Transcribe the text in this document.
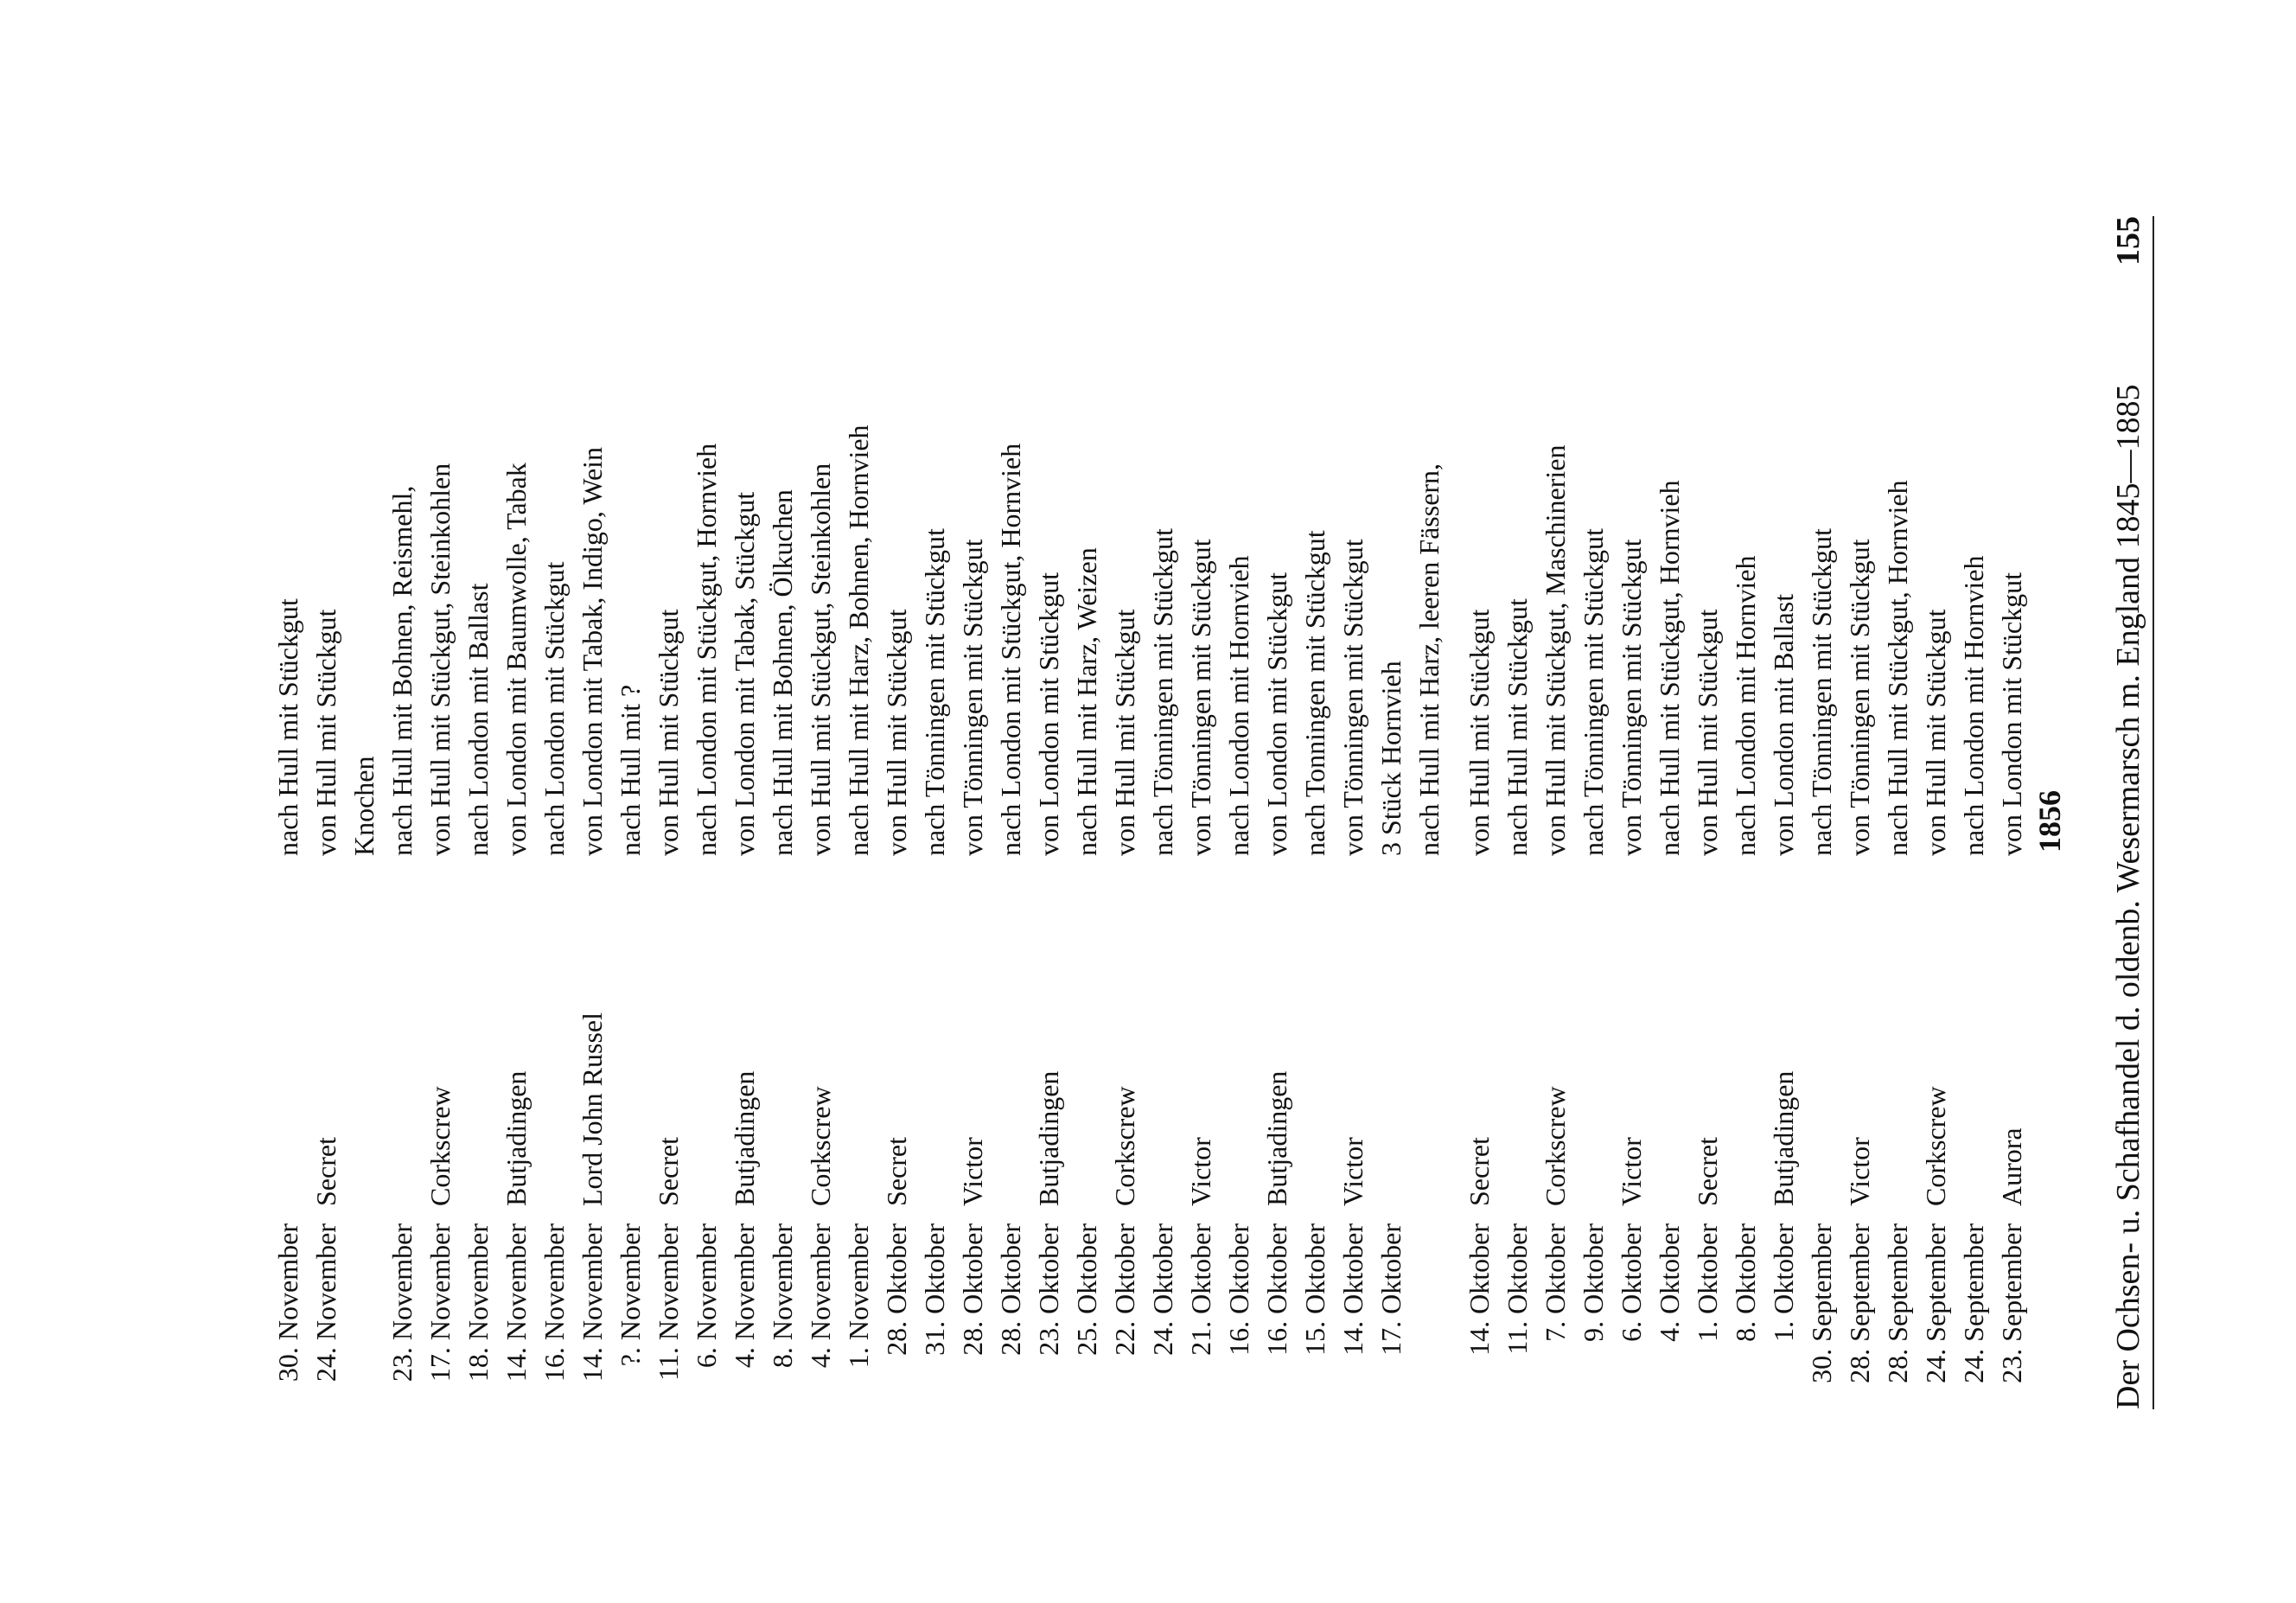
Der Ochsen- u. Schafhandel d. oldenb. Wesermarsch m. England 1845—1885
155
1856
23. September
Aurora
von London mit Stückgut
24. September
nach London mit Hornvieh
24. September
Corkscrew
von Hull mit Stückgut
28. September
nach Hull mit Stückgut, Hornvieh
28. September
Victor
von Tönningen mit Stückgut
30. September
nach Tönningen mit Stückgut
1. Oktober
Butjadingen
von London mit Ballast
8. Oktober
nach London mit Hornvieh
1. Oktober
Secret
von Hull mit Stückgut
4. Oktober
nach Hull mit Stückgut, Hornvieh
6. Oktober
Victor
von Tönningen mit Stückgut
9. Oktober
nach Tönningen mit Stückgut
7. Oktober
Corkscrew
von Hull mit Stückgut, Maschinerien
11. Oktober
nach Hull mit Stückgut
14. Oktober
Secret
von Hull mit Stückgut
nach Hull mit Harz, leeren Fässern,
17. Oktober
3 Stück Hornvieh
14. Oktober
Victor
von Tönningen mit Stückgut
15. Oktober
nach Tonningen mit Stückgut
16. Oktober
Butjadingen
von London mit Stückgut
16. Oktober
nach London mit Hornvieh
21. Oktober
Victor
von Tönningen mit Stückgut
24. Oktober
nach Tönningen mit Stückgut
22. Oktober
Corkscrew
von Hull mit Stückgut
25. Oktober
nach Hull mit Harz, Weizen
23. Oktober
Butjadingen
von London mit Stückgut
28. Oktober
nach London mit Stückgut, Hornvieh
28. Oktober
Victor
von Tönningen mit Stückgut
31. Oktober
nach Tönningen mit Stückgut
28. Oktober
Secret
von Hull mit Stückgut
1. November
nach Hull mit Harz, Bohnen, Hornvieh
4. November
Corkscrew
von Hull mit Stückgut, Steinkohlen
8. November
nach Hull mit Bohnen, Ölkuchen
4. November
Butjadingen
von London mit Tabak, Stückgut
6. November
nach London mit Stückgut, Hornvieh
11. November
Secret
von Hull mit Stückgut
?. November
nach Hull mit ?
14. November
Lord John Russel
von London mit Tabak, Indigo, Wein
16. November
nach London mit Stückgut
14. November
Butjadingen
von London mit Baumwolle, Tabak
18. November
nach London mit Ballast
17. November
Corkscrew
von Hull mit Stückgut, Steinkohlen
23. November
nach Hull mit Bohnen, Reismehl,
Knochen
24. November
Secret
von Hull mit Stückgut
30. November
nach Hull mit Stückgut
